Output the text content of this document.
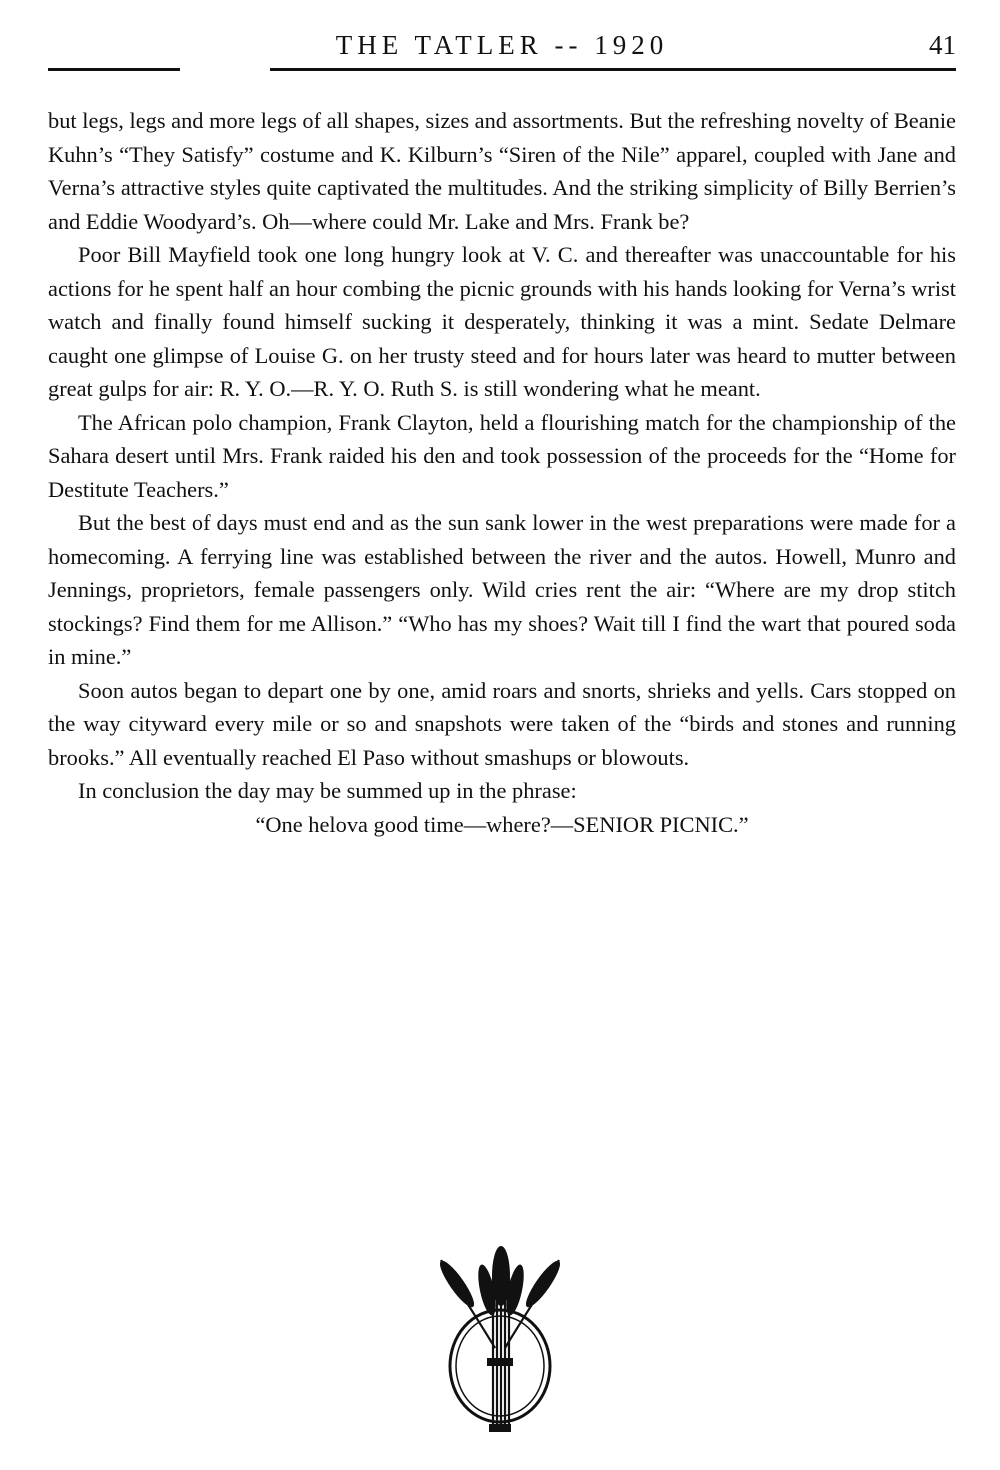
THE TATLER -- 1920	41

but legs, legs and more legs of all shapes, sizes and assortments. But the refreshing novelty of Beanie Kuhn’s “They Satisfy” costume and K. Kilburn’s “Siren of the Nile” apparel, coupled with Jane and Verna’s attractive styles quite captivated the multitudes. And the striking simplicity of Billy Berrien’s and Eddie Woodyard’s. Oh—where could Mr. Lake and Mrs. Frank be?

Poor Bill Mayfield took one long hungry look at V. C. and thereafter was unaccountable for his actions for he spent half an hour combing the picnic grounds with his hands looking for Verna’s wrist watch and finally found himself sucking it desperately, thinking it was a mint. Sedate Delmare caught one glimpse of Louise G. on her trusty steed and for hours later was heard to mutter between great gulps for air: R. Y. O.—R. Y. O. Ruth S. is still wondering what he meant.

The African polo champion, Frank Clayton, held a flourishing match for the championship of the Sahara desert until Mrs. Frank raided his den and took possession of the proceeds for the “Home for Destitute Teachers.”

But the best of days must end and as the sun sank lower in the west preparations were made for a homecoming. A ferrying line was established between the river and the autos. Howell, Munro and Jennings, proprietors, female passengers only. Wild cries rent the air: “Where are my drop stitch stockings? Find them for me Allison.” “Who has my shoes? Wait till I find the wart that poured soda in mine.”

Soon autos began to depart one by one, amid roars and snorts, shrieks and yells. Cars stopped on the way cityward every mile or so and snapshots were taken of the “birds and stones and running brooks.” All eventually reached El Paso without smashups or blowouts.

In conclusion the day may be summed up in the phrase:

“One helova good time—where?—SENIOR PICNIC.”
